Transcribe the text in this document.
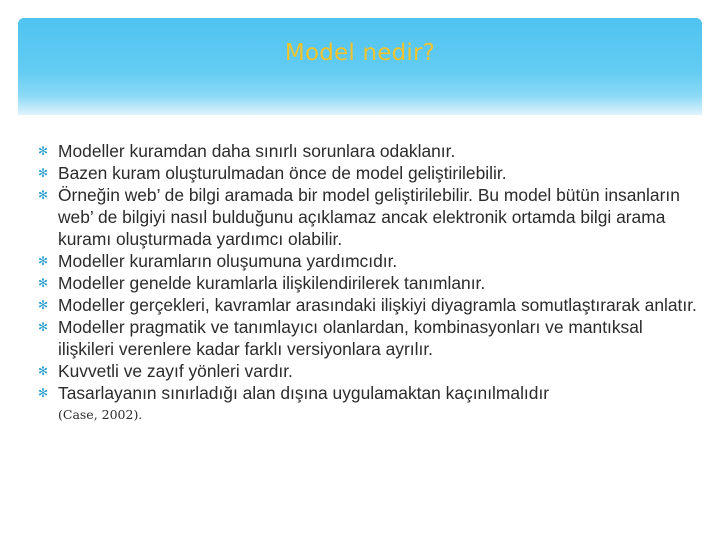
Model nedir?
✻ Modeller kuramdan daha sınırlı sorunlara odaklanır.
✻ Bazen kuram oluşturulmadan önce de model geliştirilebilir.
✻ Örneğin web’ de bilgi aramada bir model geliştirilebilir. Bu model bütün insanların web’ de bilgiyi nasıl bulduğunu açıklamaz ancak elektronik ortamda bilgi arama kuramı oluşturmada yardımcı olabilir.
✻ Modeller kuramların oluşumuna yardımcıdır.
✻ Modeller genelde kuramlarla ilişkilendirilerek tanımlanır.
✻ Modeller gerçekleri, kavramlar arasındaki ilişkiyi diyagramla somutlaştırarak anlatır.
✻ Modeller pragmatik ve tanımlayıcı olanlardan, kombinasyonları ve mantıksal ilişkileri verenlere kadar farklı versiyonlara ayrılır.
✻ Kuvvetli ve zayıf yönleri vardır.
✻ Tasarlayanın sınırladığı alan dışına uygulamaktan kaçınılmalıdır
(Case, 2002).
